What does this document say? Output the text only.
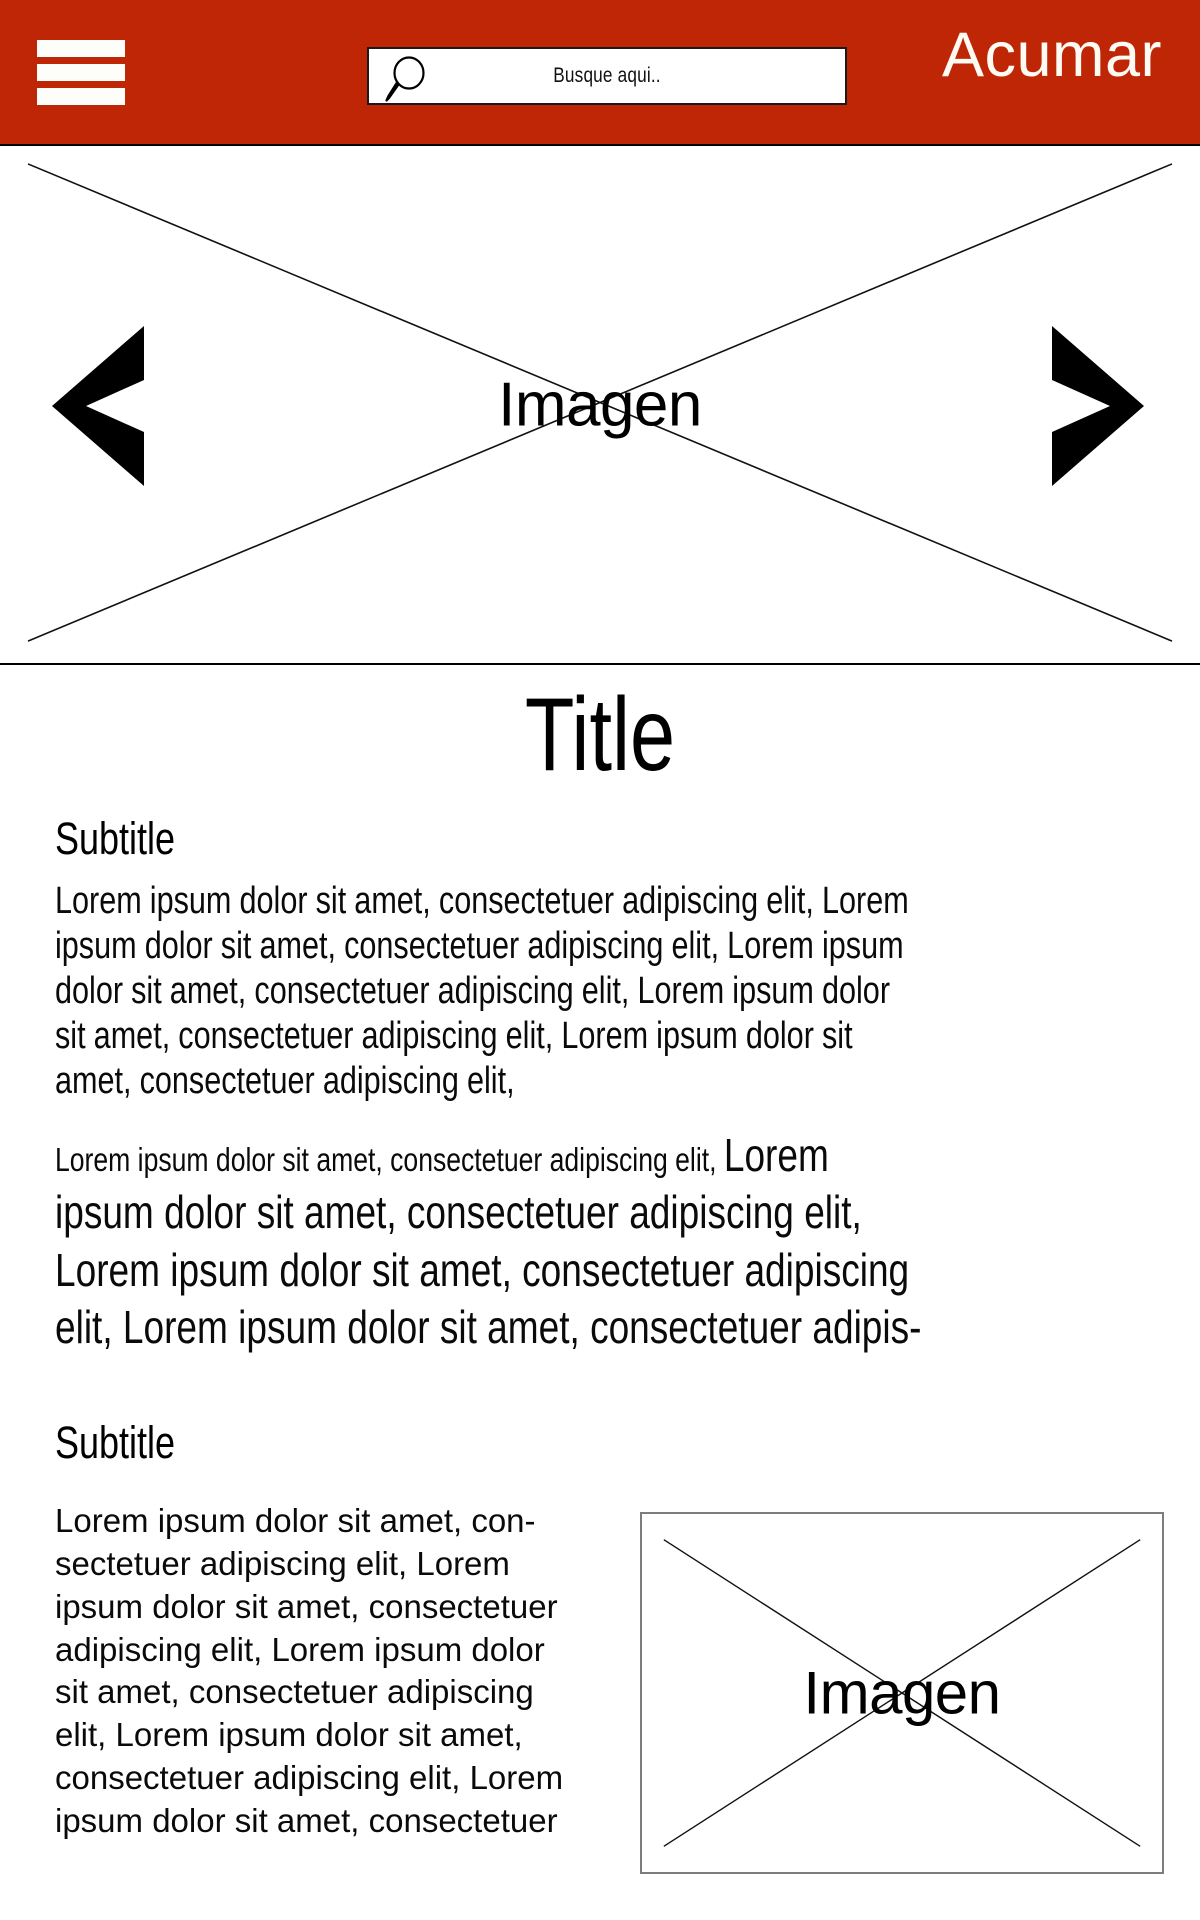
Busque aqui..	Acumar
Imagen
Title
Subtitle
Lorem ipsum dolor sit amet, consectetuer adipiscing elit, Lorem ipsum dolor sit amet, consectetuer adipiscing elit, Lorem ipsum dolor sit amet, consectetuer adipiscing elit, Lorem ipsum dolor sit amet, consectetuer adipiscing elit, Lorem ipsum dolor sit amet, consectetuer adipiscing elit,
Lorem ipsum dolor sit amet, consectetuer adipiscing elit, Lorem ipsum dolor sit amet, consectetuer adipiscing elit, Lorem ipsum dolor sit amet, consectetuer adipiscing elit, Lorem ipsum dolor sit amet, consectetuer adipis-
Subtitle
Lorem ipsum dolor sit amet, con-sectetuer adipiscing elit, Lorem ipsum dolor sit amet, consectetuer adipiscing elit, Lorem ipsum dolor sit amet, consectetuer adipiscing elit, Lorem ipsum dolor sit amet, consectetuer adipiscing elit, Lorem ipsum dolor sit amet, consectetuer
Imagen
